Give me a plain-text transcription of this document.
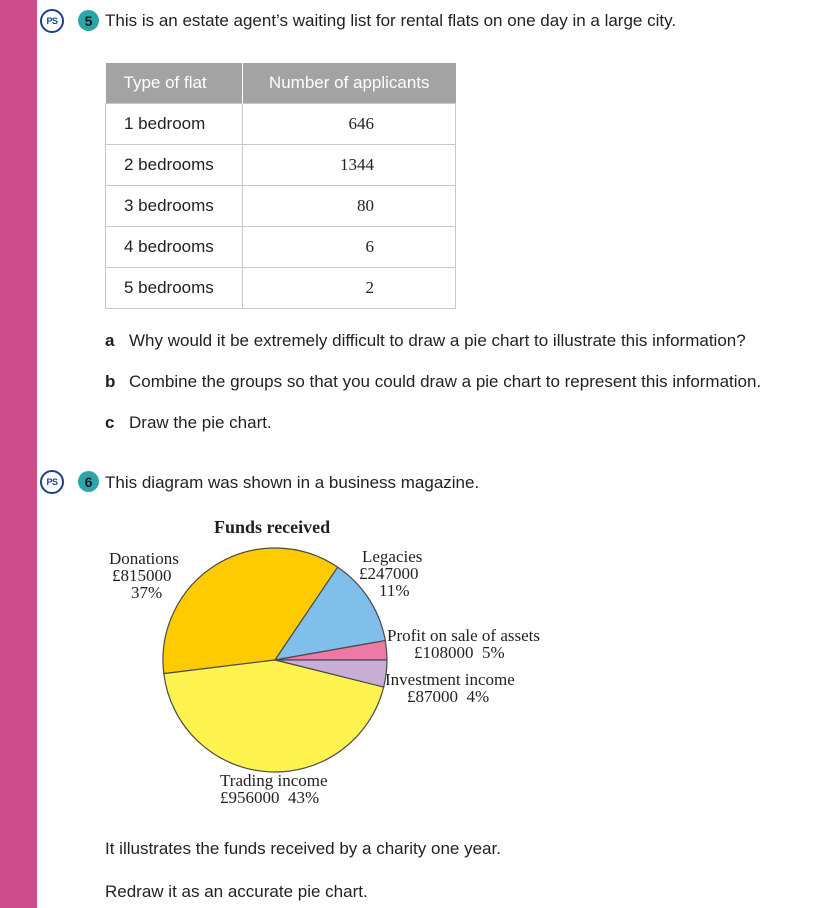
PS	5 This is an estate agent’s waiting list for rental flats on one day in a large city.
Type of flat	Number of applicants
1 bedroom	646
2 bedrooms	1344
3 bedrooms	80
4 bedrooms	6
5 bedrooms	2
a Why would it be extremely difficult to draw a pie chart to illustrate this information?
b Combine the groups so that you could draw a pie chart to represent this information.
c Draw the pie chart.
PS	6 This diagram was shown in a business magazine.
Funds received
Donations
£815000
37%
Legacies
£247000
11%
Profit on sale of assets
£108000 5%
Investment income
£87000 4%
Trading income
£956000 43%
It illustrates the funds received by a charity one year.
Redraw it as an accurate pie chart.
